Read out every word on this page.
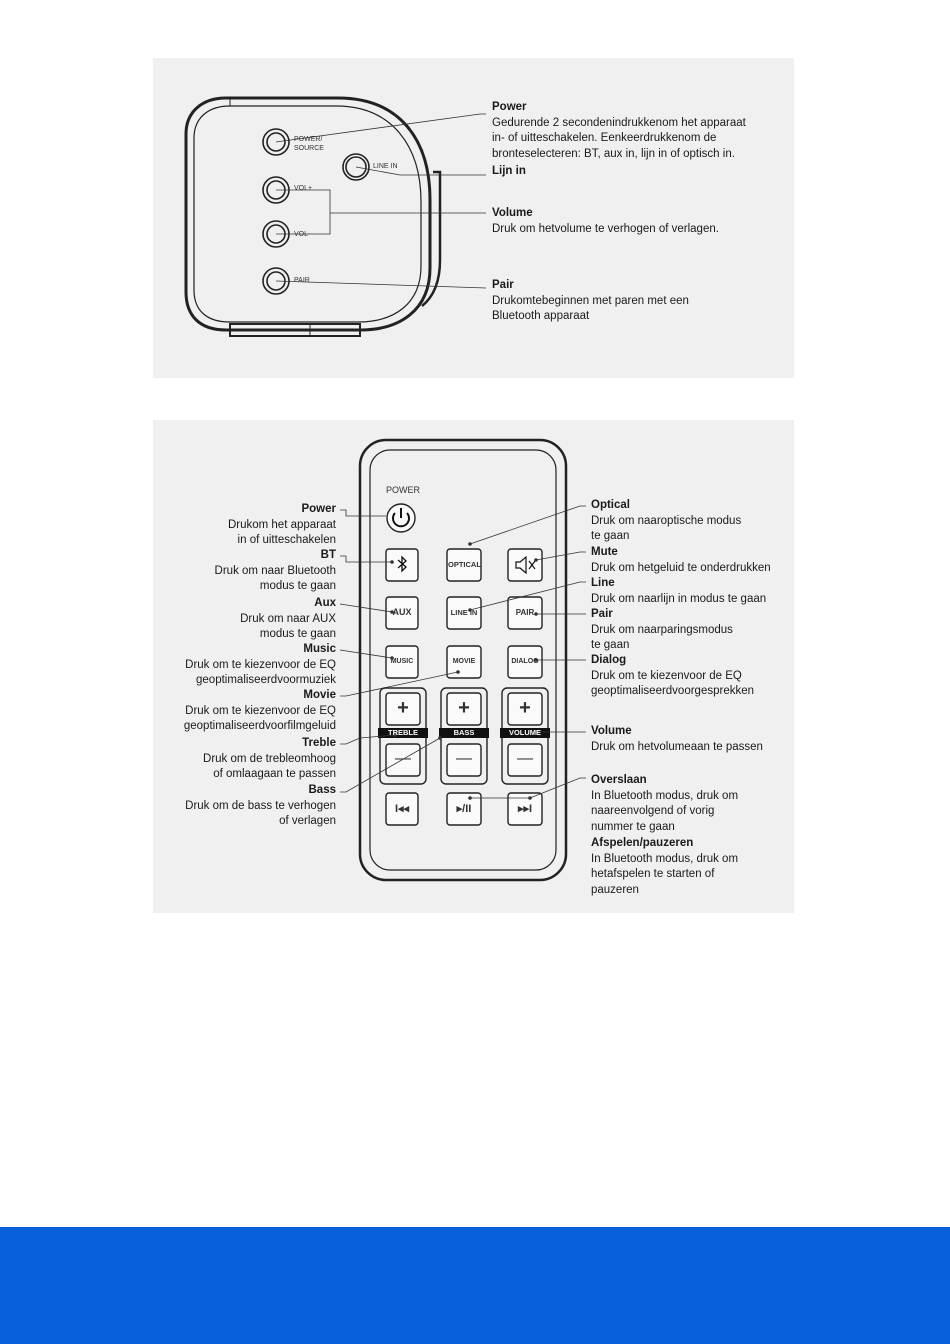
POWER/
SOURCE
LINE IN
VOL+
VOL-
PAIR
Power
Gedurende 2 secondenindrukkenom het apparaat
in- of uitteschakelen. Eenkeerdrukkenom de
bronteselecteren: BT, aux in, lijn in of optisch in.
Lijn in
Volume
Druk om hetvolume te verhogen of verlagen.
Pair
Drukomtebeginnen met paren met een
Bluetooth apparaat
POWER
OPTICAL
AUX	LINE IN	PAIR
MUSIC	MOVIE	DIALOG
+	+	+
TREBLE	BASS	VOLUME
—	—	—
I◂◂	▸/II	▸▸I
Power
Drukom het apparaat
in of uitteschakelen
BT
Druk om naar Bluetooth
modus te gaan
Aux
Druk om naar AUX
modus te gaan
Music
Druk om te kiezenvoor de EQ
geoptimaliseerdvoormuziek
Movie
Druk om te kiezenvoor de EQ
geoptimaliseerdvoorfilmgeluid
Treble
Druk om de trebleomhoog
of omlaagaan te passen
Bass
Druk om de bass te verhogen
of verlagen
Optical
Druk om naaroptische modus
te gaan
Mute
Druk om hetgeluid te onderdrukken
Line
Druk om naarlijn in modus te gaan
Pair
Druk om naarparingsmodus
te gaan
Dialog
Druk om te kiezenvoor de EQ
geoptimaliseerdvoorgesprekken
Volume
Druk om hetvolumeaan te passen
Overslaan
In Bluetooth modus, druk om
naareenvolgend of vorig
nummer te gaan
Afspelen/pauzeren
In Bluetooth modus, druk om
hetafspelen te starten of
pauzeren
